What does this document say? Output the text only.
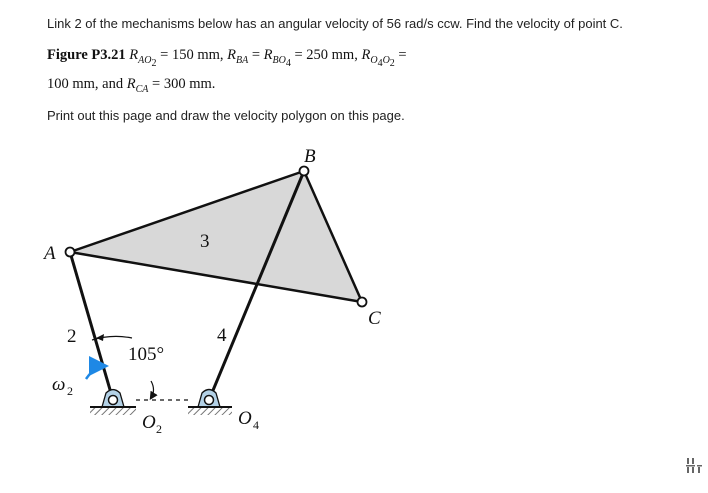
Link 2 of the mechanisms below has an angular velocity of 56 rad/s ccw. Find the velocity of point C.
Figure P3.21 $R_{AO_2} = 150$ mm, $R_{BA} = R_{BO_4} = 250$ mm, $R_{O_4O_2} = 100$ mm, and $R_{CA} = 300$ mm.
Print out this page and draw the velocity polygon on this page.
A
B
C
2
3
4
105°
ω 2
O 2	O 4
